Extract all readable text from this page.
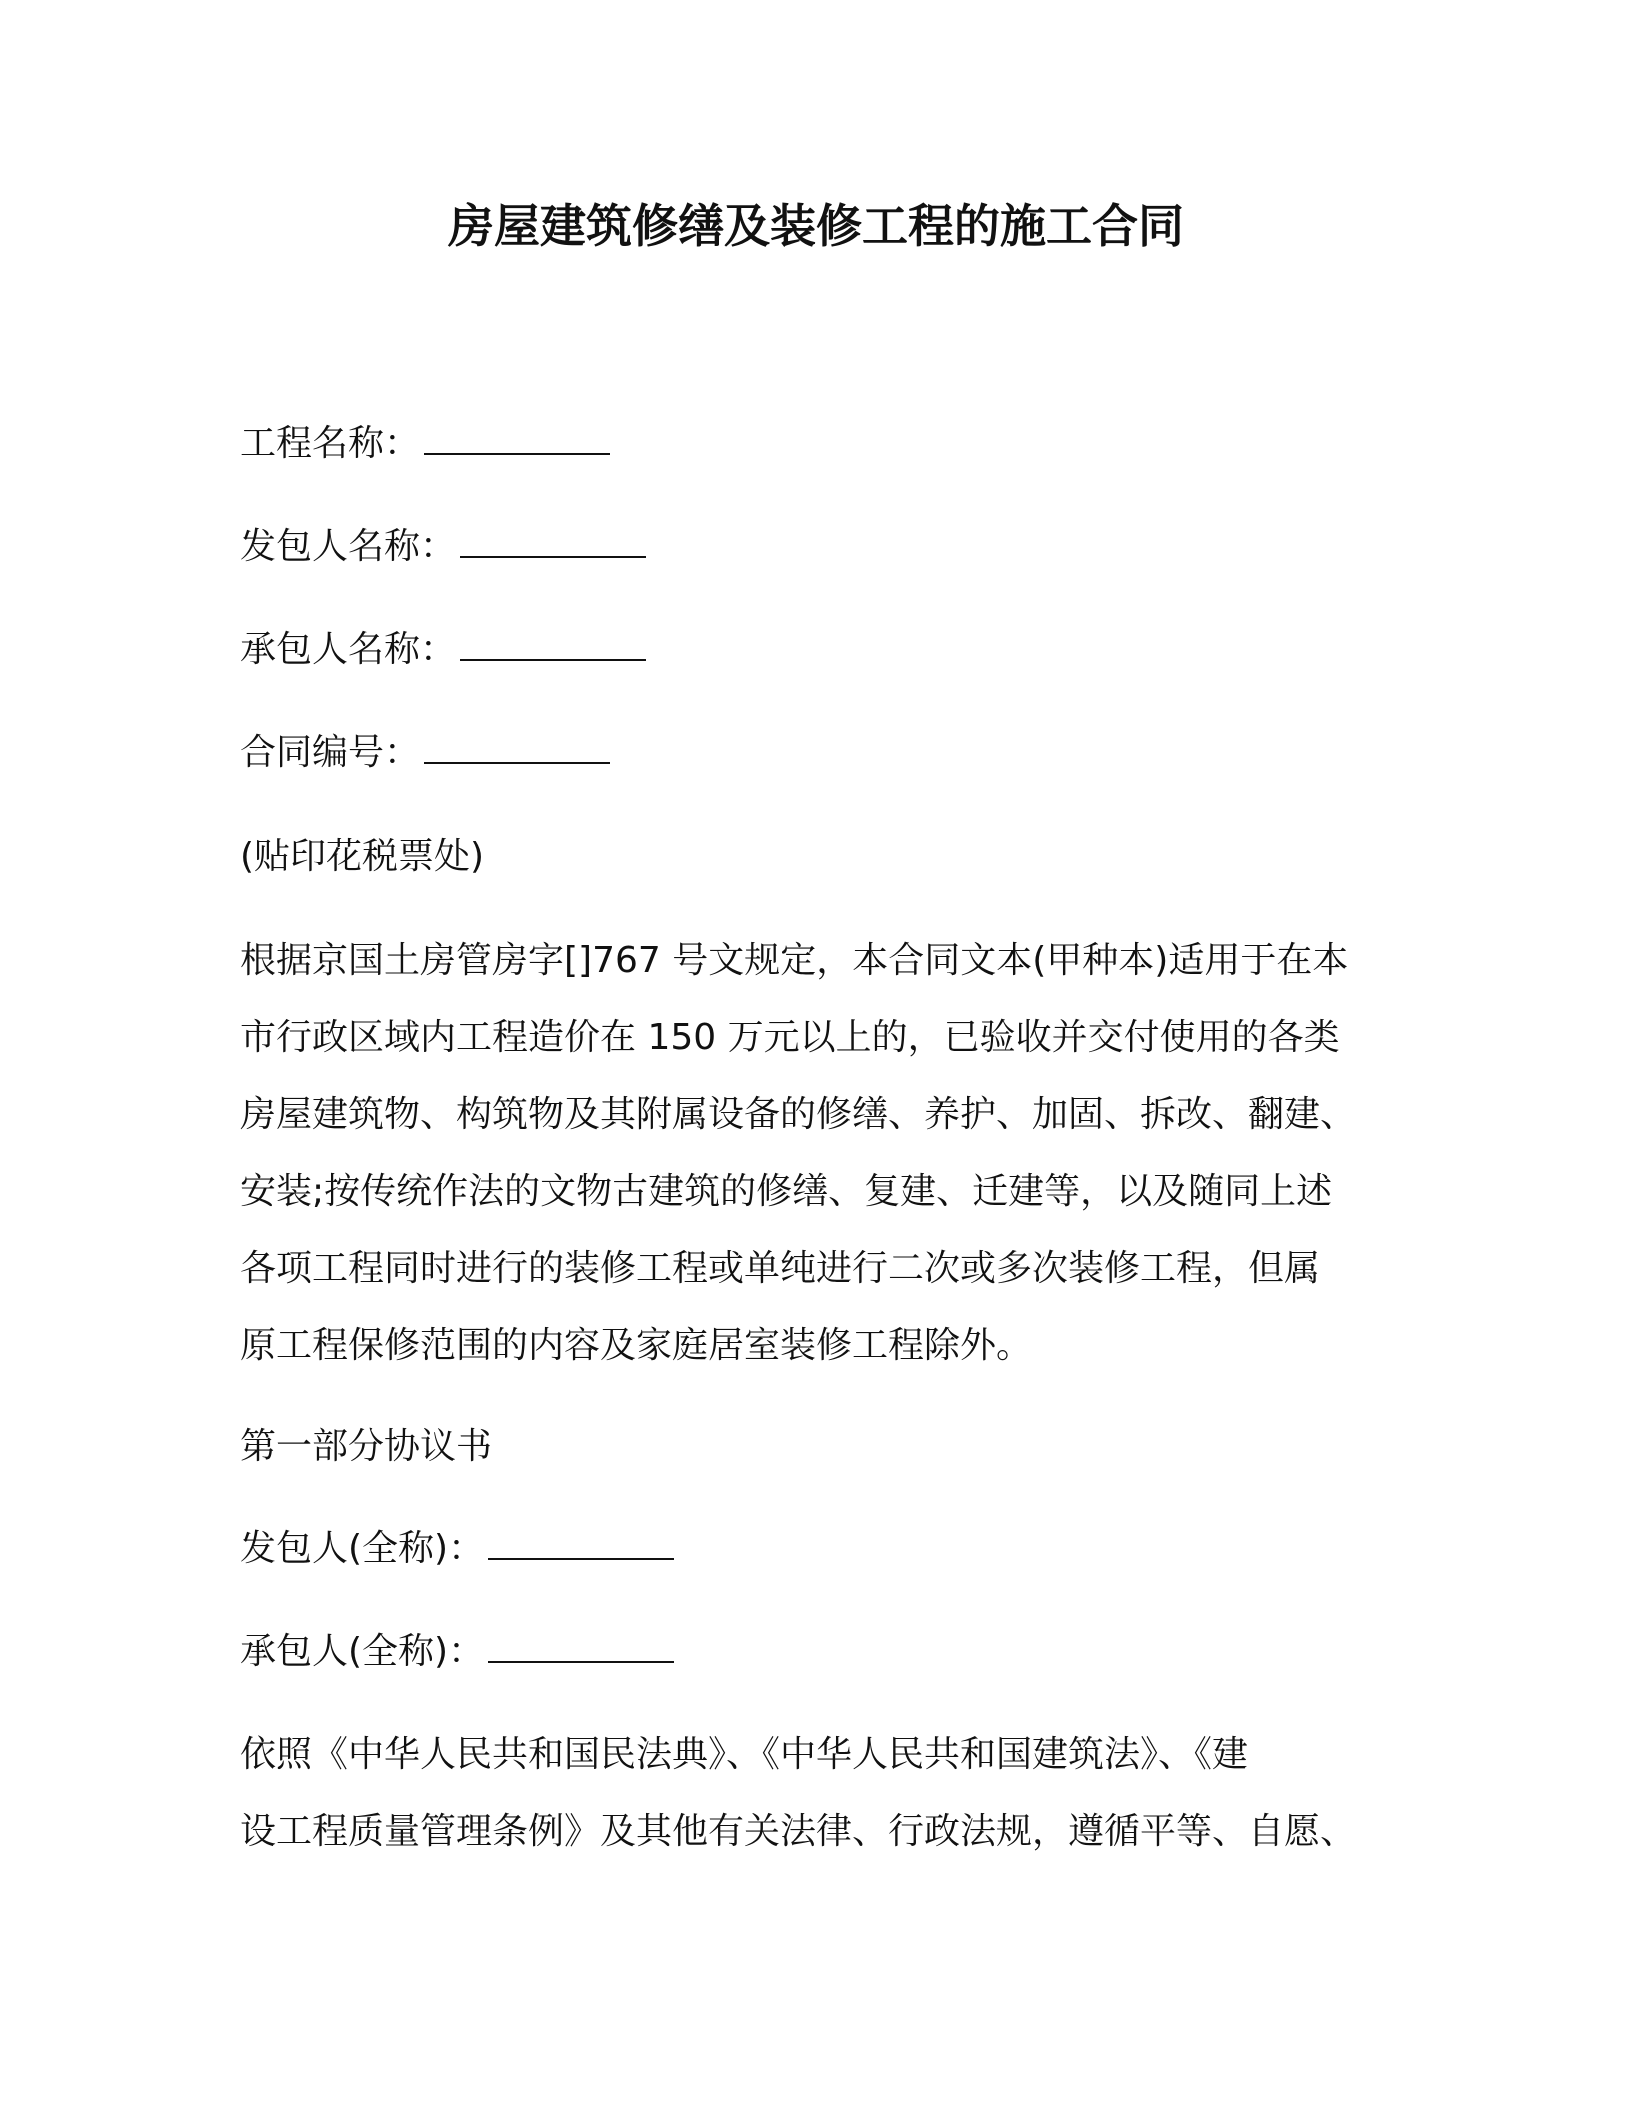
房屋建筑修缮及装修工程的施工合同
工程名称：
发包人名称：
承包人名称：
合同编号：
(贴印花税票处)
根据京国土房管房字[]767 号文规定，本合同文本(甲种本)适用于在本
市行政区域内工程造价在 150 万元以上的，已验收并交付使用的各类
房屋建筑物、构筑物及其附属设备的修缮、养护、加固、拆改、翻建、
安装;按传统作法的文物古建筑的修缮、复建、迁建等，以及随同上述
各项工程同时进行的装修工程或单纯进行二次或多次装修工程，但属
原工程保修范围的内容及家庭居室装修工程除外。
第一部分协议书
发包人(全称)：
承包人(全称)：
依照《中华人民共和国民法典》、《中华人民共和国建筑法》、《建
设工程质量管理条例》及其他有关法律、行政法规，遵循平等、自愿、
